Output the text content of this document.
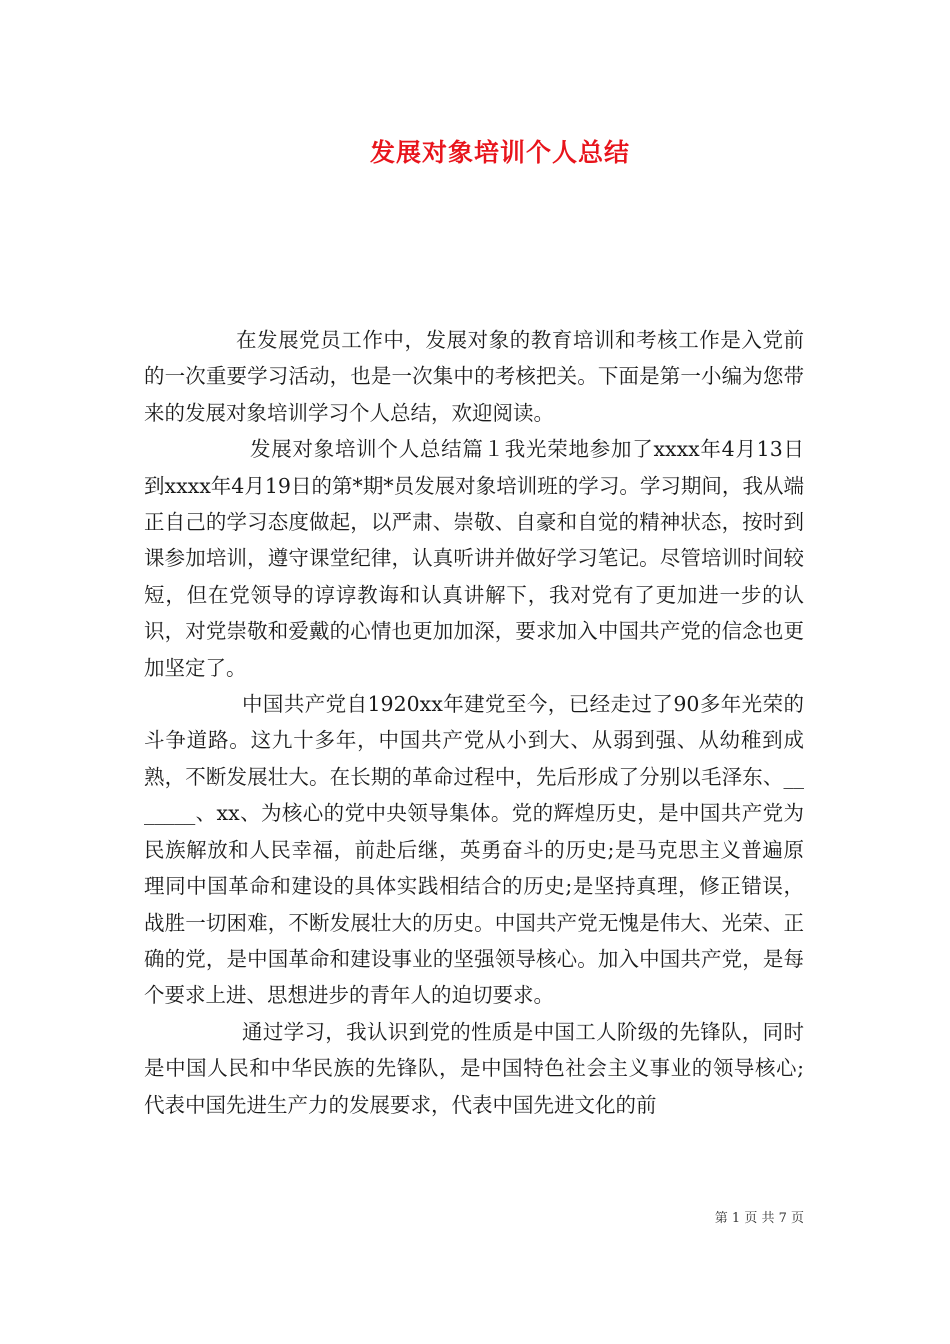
发展对象培训个人总结

在发展党员工作中，发展对象的教育培训和考核工作是入党前的一次重要学习活动，也是一次集中的考核把关。下面是第一小编为您带来的发展对象培训学习个人总结，欢迎阅读。

发展对象培训个人总结篇１我光荣地参加了xxxx年4月13日到xxxx年4月19日的第*期*员发展对象培训班的学习。学习期间，我从端正自己的学习态度做起，以严肃、崇敬、自豪和自觉的精神状态，按时到课参加培训，遵守课堂纪律，认真听讲并做好学习笔记。尽管培训时间较短，但在党领导的谆谆教诲和认真讲解下，我对党有了更加进一步的认识，对党崇敬和爱戴的心情也更加加深，要求加入中国共产党的信念也更加坚定了。

中国共产党自1920xx年建党至今，已经走过了90多年光荣的斗争道路。这九十多年，中国共产党从小到大、从弱到强、从幼稚到成熟，不断发展壮大。在长期的革命过程中，先后形成了分别以毛泽东、_______、xx、为核心的党中央领导集体。党的辉煌历史，是中国共产党为民族解放和人民幸福，前赴后继，英勇奋斗的历史;是马克思主义普遍原理同中国革命和建设的具体实践相结合的历史;是坚持真理，修正错误，战胜一切困难，不断发展壮大的历史。中国共产党无愧是伟大、光荣、正确的党，是中国革命和建设事业的坚强领导核心。加入中国共产党，是每个要求上进、思想进步的青年人的迫切要求。

通过学习，我认识到党的性质是中国工人阶级的先锋队，同时是中国人民和中华民族的先锋队，是中国特色社会主义事业的领导核心;代表中国先进生产力的发展要求，代表中国先进文化的前

第 1 页 共 7 页
